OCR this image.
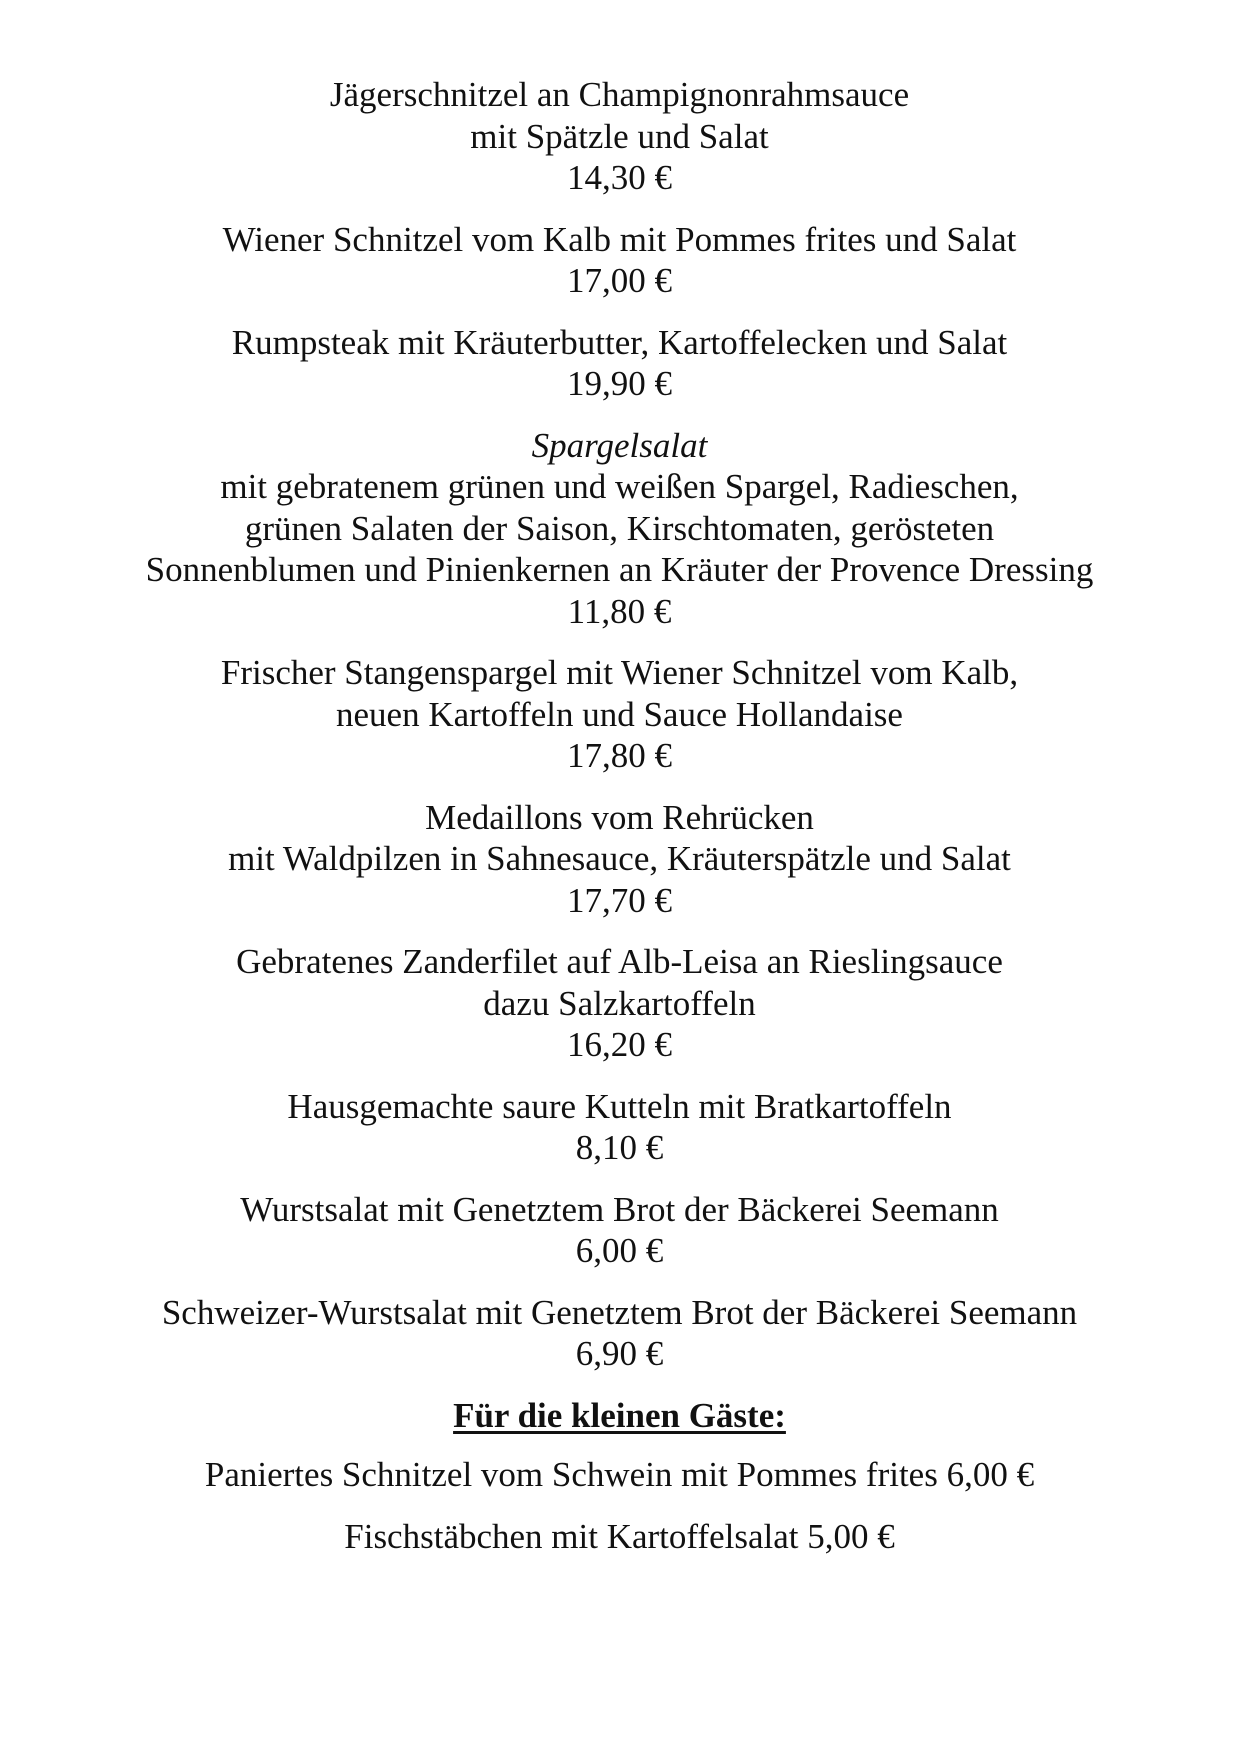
Jägerschnitzel an Champignonrahmsauce
mit Spätzle und Salat
14,30 €
Wiener Schnitzel vom Kalb mit Pommes frites und Salat
17,00 €
Rumpsteak mit Kräuterbutter, Kartoffelecken und Salat
19,90 €
Spargelsalat
mit gebratenem grünen und weißen Spargel, Radieschen,
grünen Salaten der Saison, Kirschtomaten, gerösteten
Sonnenblumen und Pinienkernen an Kräuter der Provence Dressing
11,80 €
Frischer Stangenspargel mit Wiener Schnitzel vom Kalb,
neuen Kartoffeln und Sauce Hollandaise
17,80 €
Medaillons vom Rehrücken
mit Waldpilzen in Sahnesauce, Kräuterspätzle und Salat
17,70 €
Gebratenes Zanderfilet auf Alb-Leisa an Rieslingsauce
dazu Salzkartoffeln
16,20 €
Hausgemachte saure Kutteln mit Bratkartoffeln
8,10 €
Wurstsalat mit Genetztem Brot der Bäckerei Seemann
6,00 €
Schweizer-Wurstsalat mit Genetztem Brot der Bäckerei Seemann
6,90 €
Für die kleinen Gäste:
Paniertes Schnitzel vom Schwein mit Pommes frites 6,00 €
Fischstäbchen mit Kartoffelsalat 5,00 €
